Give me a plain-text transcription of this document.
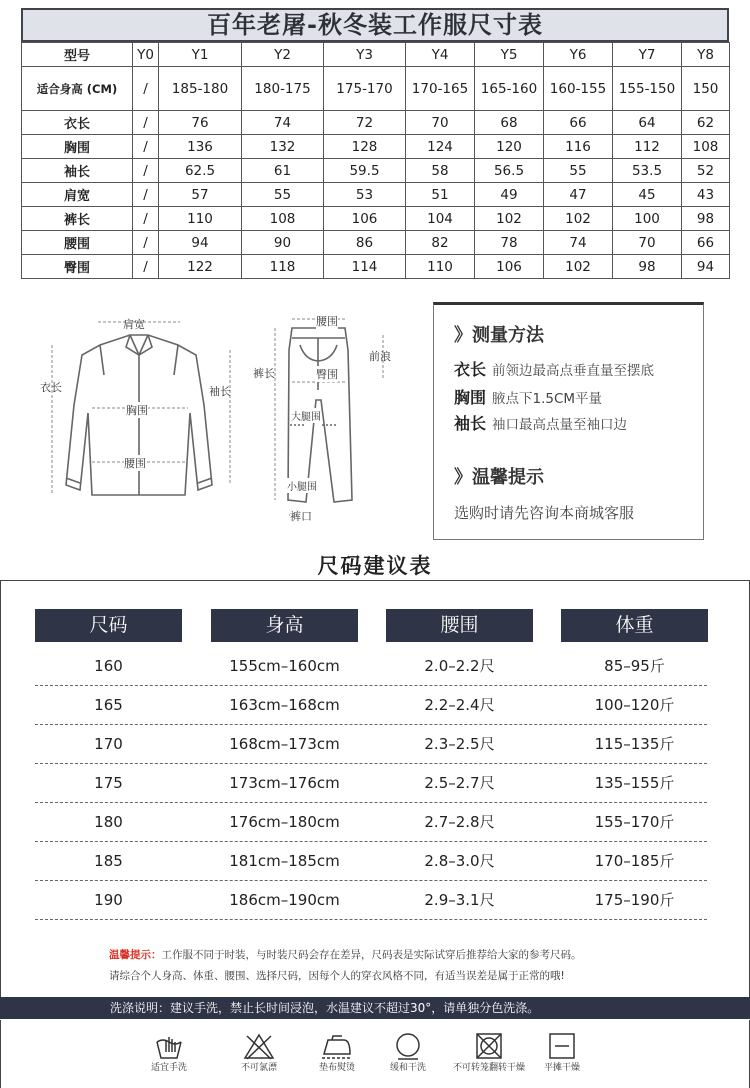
百年老屠-秋冬装工作服尺寸表
型号	Y0	Y1	Y2	Y3	Y4	Y5	Y6	Y7	Y8
适合身高 (CM)	/	185-180	180-175	175-170	170-165	165-160	160-155	155-150	150
衣长	/	76	74	72	70	68	66	64	62
胸围	/	136	132	128	124	120	116	112	108
袖长	/	62.5	61	59.5	58	56.5	55	53.5	52
肩宽	/	57	55	53	51	49	47	45	43
裤长	/	110	108	106	104	102	102	100	98
腰围	/	94	90	86	82	78	74	70	66
臀围	/	122	118	114	110	106	102	98	94
肩宽
衣长	袖长
胸围
腰围
腰围
裤长
前浪
臀围
大腿围
小腿围
裤口
》测量方法
衣长 前领边最高点垂直量至摆底
胸围 腋点下1.5CM平量
袖长 袖口最高点量至袖口边
》温馨提示
选购时请先咨询本商城客服
尺码建议表
尺码	身高	腰围	体重
160	155cm–160cm	2.0–2.2尺	85–95斤
165	163cm–168cm	2.2–2.4尺	100–120斤
170	168cm–173cm	2.3–2.5尺	115–135斤
175	173cm–176cm	2.5–2.7尺	135–155斤
180	176cm–180cm	2.7–2.8尺	155–170斤
185	181cm–185cm	2.8–3.0尺	170–185斤
190	186cm–190cm	2.9–3.1尺	175–190斤
温馨提示：工作服不同于时装，与时装尺码会存在差异，尺码表是实际试穿后推荐给大家的参考尺码。
请综合个人身高、体重、腰围、选择尺码，因每个人的穿衣风格不同，有适当误差是属于正常的哦!
洗涤说明：建议手洗，禁止长时间浸泡，水温建议不超过30°，请单独分色洗涤。
适宜手洗	不可氯漂	垫布熨烫	缓和干洗	不可转笼翻转干燥	平摊干燥
